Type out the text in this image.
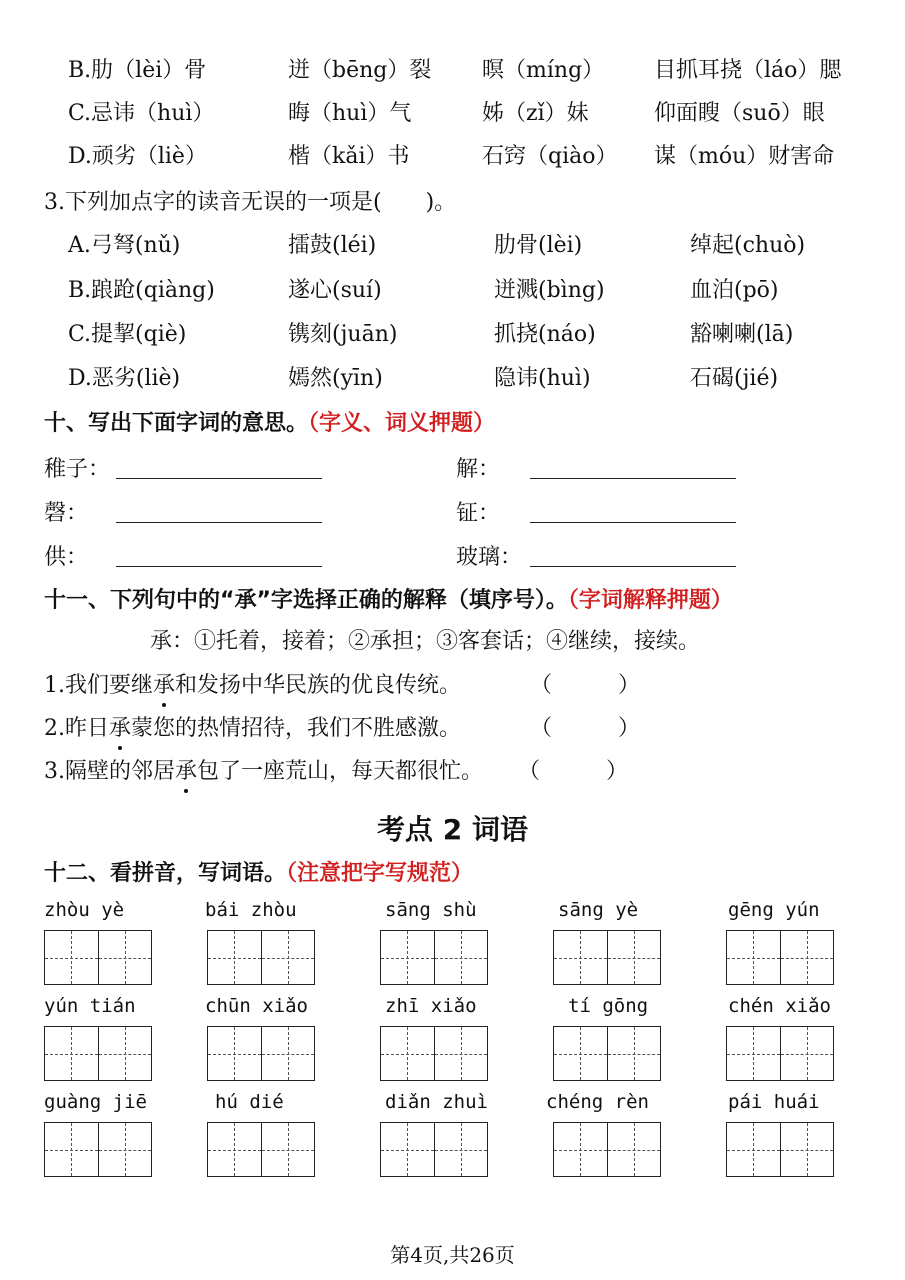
B.肋（lèi）骨	迸（bēng）裂 暝（míng） 目抓耳挠（láo）腮
C.忌讳（huì）	晦（huì）气	姊（zǐ）妹	仰面瞍（suō）眼
D.顽劣（liè）	楷（kǎi）书	石窍（qiào） 谋（móu）财害命
3.下列加点字的读音无误的一项是(　　)。
A.弓弩(nǔ)	擂鼓(léi)	肋骨(lèi)	绰起(chuò)
B.踉跄(qiàng)	遂心(suí)	迸溅(bìng)	血泊(pō)
C.提挈(qiè)	镌刻(juān)	抓挠(náo)	豁喇喇(lā)
D.恶劣(liè)	嫣然(yīn)	隐讳(huì)	石碣(jié)
十、写出下面字词的意思。（字义、词义押题）
稚子：	解：
磬：	钲：
供：	玻璃：
十一、下列句中的“承”字选择正确的解释（填序号）。（字词解释押题）
承：①托着，接着；②承担；③客套话；④继续，接续。
1.我们要继承和发扬中华民族的优良传统。	（　　　）
2.昨日承蒙您的热情招待，我们不胜感激。	（　　　）
3.隔壁的邻居承包了一座荒山，每天都很忙。 （　　　）
考点 2 词语
十二、看拼音，写词语。（注意把字写规范）
zhòu yè	bái zhòu	sāng shù	sāng yè	gēng yún
yún tián	chūn xiǎo	zhī xiǎo	tí gōng	chén xiǎo
guàng jiē	hú dié	diǎn zhuì	chéng rèn	pái huái
第4页,共26页
